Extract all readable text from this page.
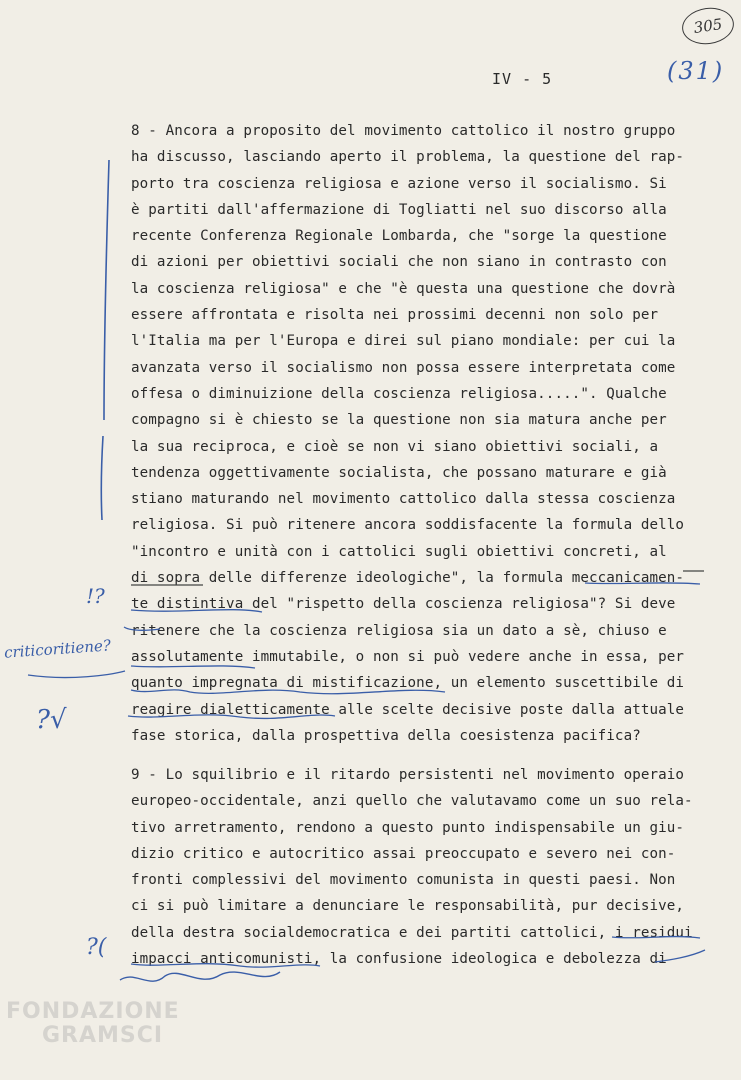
305
IV - 5	(31)
8 - Ancora a proposito del movimento cattolico il nostro gruppo
ha discusso, lasciando aperto il problema, la questione del rap-
porto tra coscienza religiosa e azione verso il socialismo. Si
è partiti dall'affermazione di Togliatti nel suo discorso alla
recente Conferenza Regionale Lombarda, che "sorge la questione
di azioni per obiettivi sociali che non siano in contrasto con
la coscienza religiosa" e che "è questa una questione che dovrà
essere affrontata e risolta nei prossimi decenni non solo per
l'Italia ma per l'Europa e direi sul piano mondiale: per cui la
avanzata verso il socialismo non possa essere interpretata come
offesa o diminuizione della coscienza religiosa.....". Qualche
compagno si è chiesto se la questione non sia matura anche per
la sua reciproca, e cioè se non vi siano obiettivi sociali, a
tendenza oggettivamente socialista, che possano maturare e già
stiano maturando nel movimento cattolico dalla stessa coscienza
religiosa. Si può ritenere ancora soddisfacente la formula dello
"incontro e unità con i cattolici sugli obiettivi concreti, al
di sopra delle differenze ideologiche", la formula meccanicamen-
te distintiva del "rispetto della coscienza religiosa"? Si deve
ritenere che la coscienza religiosa sia un dato a sè, chiuso e
assolutamente immutabile, o non si può vedere anche in essa, per
quanto impregnata di mistificazione, un elemento suscettibile di
reagire dialetticamente alle scelte decisive poste dalla attuale
fase storica, dalla prospettiva della coesistenza pacifica?
9 - Lo squilibrio e il ritardo persistenti nel movimento operaio
europeo-occidentale, anzi quello che valutavamo come un suo rela-
tivo arretramento, rendono a questo punto indispensabile un giu-
dizio critico e autocritico assai preoccupato e severo nei con-
fronti complessivi del movimento comunista in questi paesi. Non
ci si può limitare a denunciare le responsabilità, pur decisive,
della destra socialdemocratica e dei partiti cattolici, i residui
impacci anticomunisti, la confusione ideologica e debolezza di
!?
criticoritiene?
?√
?(
FONDAZIONE
GRAMSCI
